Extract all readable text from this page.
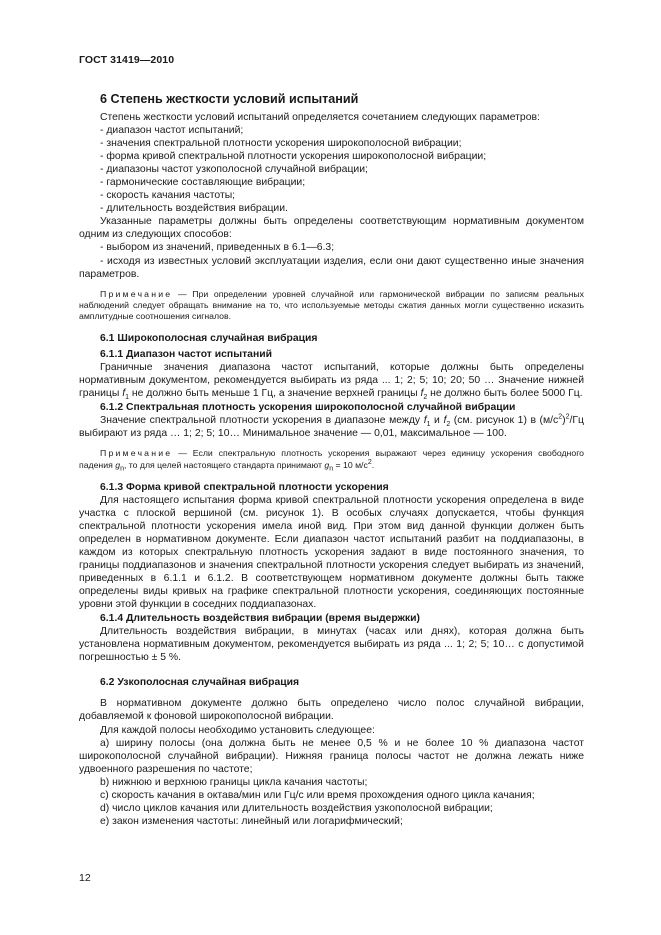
ГОСТ 31419—2010
6 Степень жесткости условий испытаний

Степень жесткости условий испытаний определяется сочетанием следующих параметров:

- диапазон частот испытаний;

- значения спектральной плотности ускорения широкополосной вибрации;

- форма кривой спектральной плотности ускорения широкополосной вибрации;

- диапазоны частот узкополосной случайной вибрации;

- гармонические составляющие вибрации;

- скорость качания частоты;

- длительность воздействия вибрации.

Указанные параметры должны быть определены соответствующим нормативным документом одним из следующих способов:

- выбором из значений, приведенных в 6.1—6.3;

- исходя из известных условий эксплуатации изделия, если они дают существенно иные значения параметров.

Примечание — При определении уровней случайной или гармонической вибрации по записям реальных наблюдений следует обращать внимание на то, что используемые методы сжатия данных могли существенно исказить амплитудные соотношения сигналов.

6.1 Широкополосная случайная вибрация
6.1.1 Диапазон частот испытаний

Граничные значения диапазона частот испытаний, которые должны быть определены нормативным документом, рекомендуется выбирать из ряда ... 1; 2; 5; 10; 20; 50 … Значение нижней границы $f_1$ не должно быть меньше 1 Гц, а значение верхней границы $f_2$ не должно быть более 5000 Гц.

6.1.2 Спектральная плотность ускорения широкополосной случайной вибрации

Значение спектральной плотности ускорения в диапазоне между $f_1$ и $f_2$ (см. рисунок 1) в $(м/с^2)^2/Гц$ выбирают из ряда … 1; 2; 5; 10… Минимальное значение — 0,01, максимальное — 100.

Примечание — Если спектральную плотность ускорения выражают через единицу ускорения свободного падения $g_n$, то для целей настоящего стандарта принимают $g_n = 10$ $м/с^2$.

6.1.3 Форма кривой спектральной плотности ускорения

Для настоящего испытания форма кривой спектральной плотности ускорения определена в виде участка с плоской вершиной (см. рисунок 1). В особых случаях допускается, чтобы функция спектральной плотности ускорения имела иной вид. При этом вид данной функции должен быть определен в нормативном документе. Если диапазон частот испытаний разбит на поддиапазоны, в каждом из которых спектральную плотность ускорения задают в виде постоянного значения, то границы поддиапазонов и значения спектральной плотности ускорения следует выбирать из значений, приведенных в 6.1.1 и 6.1.2. В соответствующем нормативном документе должны быть также определены виды кривых на графике спектральной плотности ускорения, соединяющих постоянные уровни этой функции в соседних поддиапазонах.

6.1.4 Длительность воздействия вибрации (время выдержки)

Длительность воздействия вибрации, в минутах (часах или днях), которая должна быть установлена нормативным документом, рекомендуется выбирать из ряда ... 1; 2; 5; 10… с допустимой погрешностью ± 5 %.

6.2 Узкополосная случайная вибрация

В нормативном документе должно быть определено число полос случайной вибрации, добавляемой к фоновой широкополосной вибрации.

Для каждой полосы необходимо установить следующее:

a) ширину полосы (она должна быть не менее 0,5 % и не более 10 % диапазона частот широкополосной случайной вибрации). Нижняя граница полосы частот не должна лежать ниже удвоенного разрешения по частоте;

b) нижнюю и верхнюю границы цикла качания частоты;

c) скорость качания в октава/мин или Гц/с или время прохождения одного цикла качания;

d) число циклов качания или длительность воздействия узкополосной вибрации;

e) закон изменения частоты: линейный или логарифмический;

12
